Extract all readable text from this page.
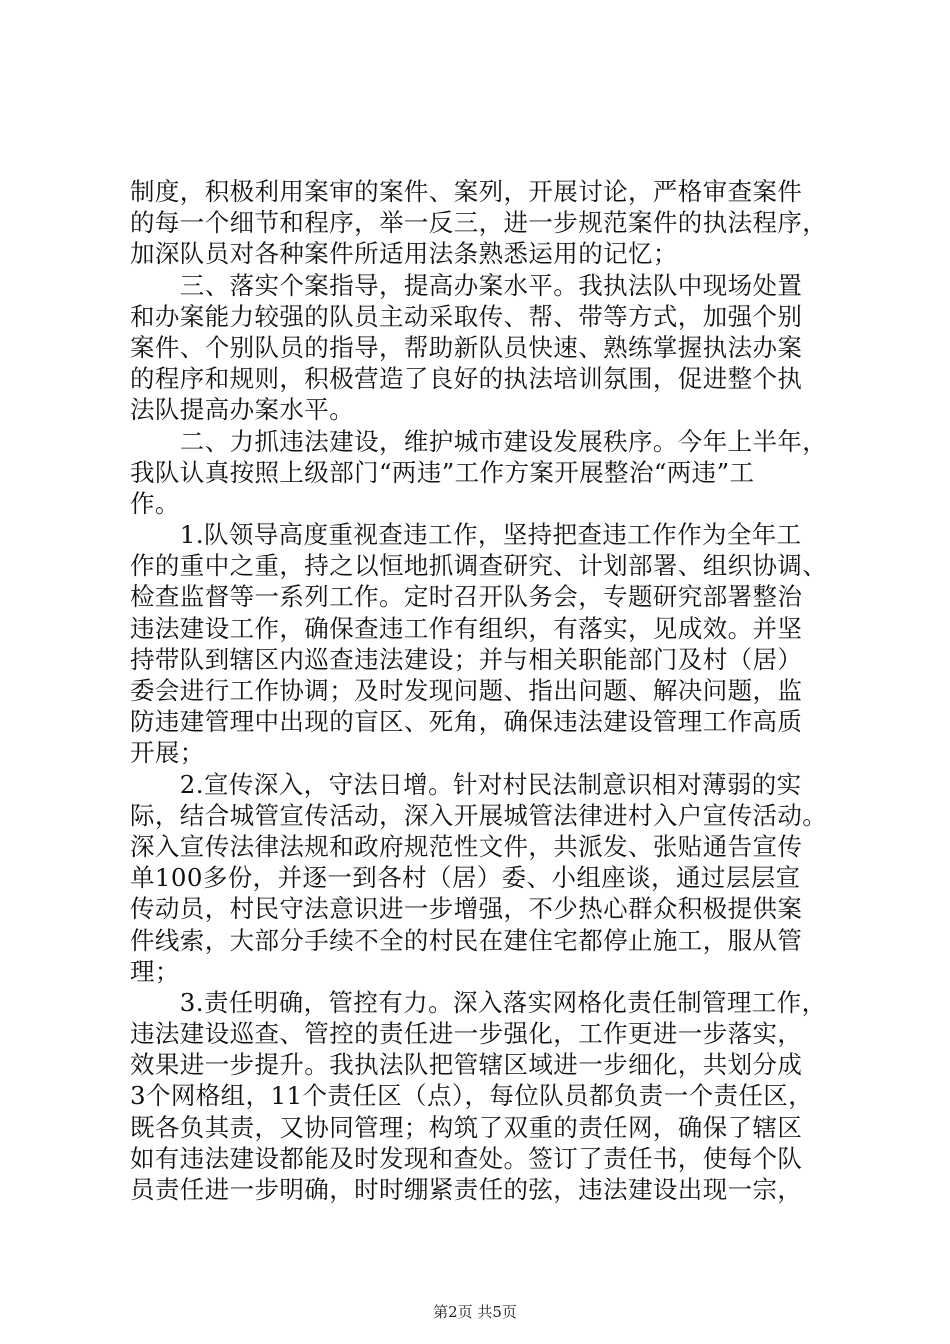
制度，积极利用案审的案件、案列，开展讨论，严格审查案件
的每一个细节和程序，举一反三，进一步规范案件的执法程序，
加深队员对各种案件所适用法条熟悉运用的记忆；
　　三、落实个案指导，提高办案水平。我执法队中现场处置
和办案能力较强的队员主动采取传、帮、带等方式，加强个别
案件、个别队员的指导，帮助新队员快速、熟练掌握执法办案
的程序和规则，积极营造了良好的执法培训氛围，促进整个执
法队提高办案水平。
　　二、力抓违法建设，维护城市建设发展秩序。今年上半年，
我队认真按照上级部门“两违”工作方案开展整治“两违”工
作。
　　1.队领导高度重视查违工作，坚持把查违工作作为全年工
作的重中之重，持之以恒地抓调查研究、计划部署、组织协调、
检查监督等一系列工作。定时召开队务会，专题研究部署整治
违法建设工作，确保查违工作有组织，有落实，见成效。并坚
持带队到辖区内巡查违法建设；并与相关职能部门及村（居）
委会进行工作协调；及时发现问题、指出问题、解决问题，监
防违建管理中出现的盲区、死角，确保违法建设管理工作高质
开展；
　　2.宣传深入，守法日增。针对村民法制意识相对薄弱的实
际，结合城管宣传活动，深入开展城管法律进村入户宣传活动。
深入宣传法律法规和政府规范性文件，共派发、张贴通告宣传
单100多份，并逐一到各村（居）委、小组座谈，通过层层宣
传动员，村民守法意识进一步增强，不少热心群众积极提供案
件线索，大部分手续不全的村民在建住宅都停止施工，服从管
理；
　　3.责任明确，管控有力。深入落实网格化责任制管理工作，
违法建设巡查、管控的责任进一步强化，工作更进一步落实，
效果进一步提升。我执法队把管辖区域进一步细化，共划分成
3个网格组，11个责任区（点），每位队员都负责一个责任区，
既各负其责，又协同管理；构筑了双重的责任网，确保了辖区
如有违法建设都能及时发现和查处。签订了责任书，使每个队
员责任进一步明确，时时绷紧责任的弦，违法建设出现一宗，
第2页 共5页
